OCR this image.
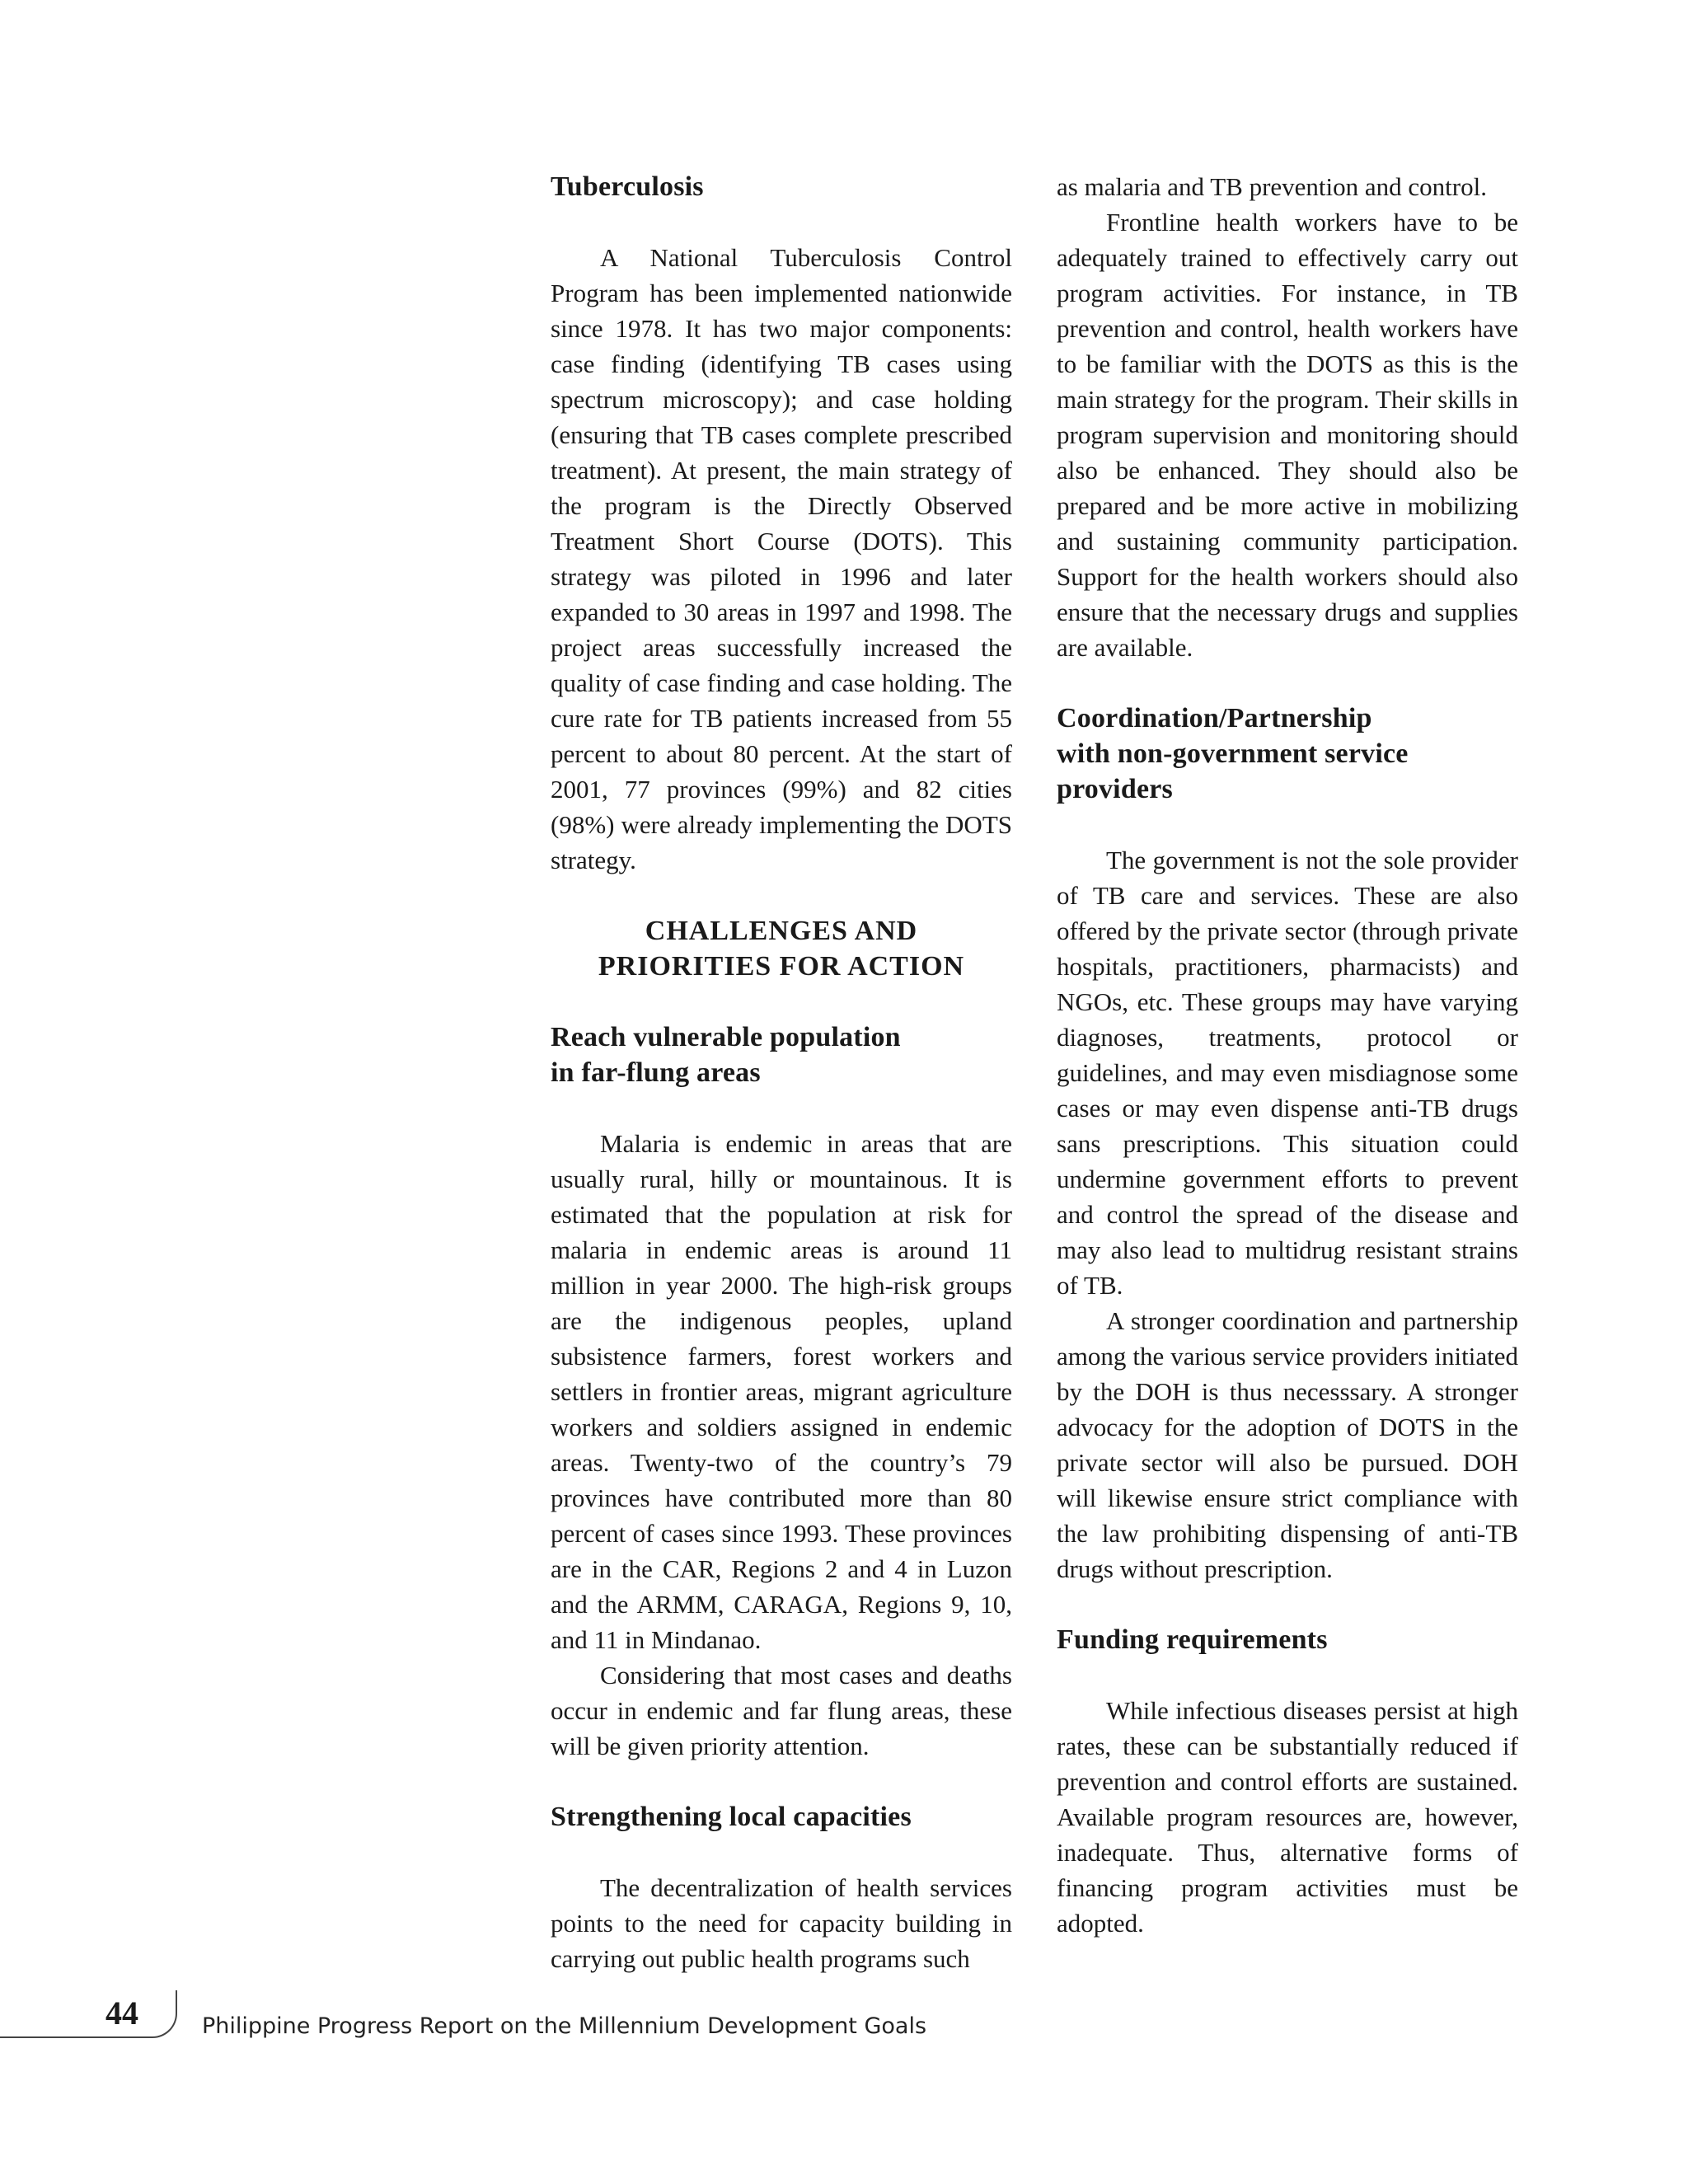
Tuberculosis

A National Tuberculosis Control Program has been implemented nationwide since 1978. It has two major components: case finding (identifying TB cases using spectrum microscopy); and case holding (ensuring that TB cases complete prescribed treatment). At present, the main strategy of the program is the Directly Observed Treatment Short Course (DOTS). This strategy was piloted in 1996 and later expanded to 30 areas in 1997 and 1998. The project areas successfully increased the quality of case finding and case holding. The cure rate for TB patients increased from 55 percent to about 80 percent. At the start of 2001, 77 provinces (99%) and 82 cities (98%) were already implementing the DOTS strategy.

CHALLENGES AND
PRIORITIES FOR ACTION
Reach vulnerable population
in far-flung areas

Malaria is endemic in areas that are usually rural, hilly or mountainous. It is estimated that the population at risk for malaria in endemic areas is around 11 million in year 2000. The high-risk groups are the indigenous peoples, upland subsistence farmers, forest workers and settlers in frontier areas, migrant agriculture workers and soldiers assigned in endemic areas. Twenty-two of the country’s 79 provinces have contributed more than 80 percent of cases since 1993. These provinces are in the CAR, Regions 2 and 4 in Luzon and the ARMM, CARAGA, Regions 9, 10, and 11 in Mindanao.

Considering that most cases and deaths occur in endemic and far flung areas, these will be given priority attention.

Strengthening local capacities

The decentralization of health services points to the need for capacity building in carrying out public health programs such

as malaria and TB prevention and control.

Frontline health workers have to be adequately trained to effectively carry out program activities. For instance, in TB prevention and control, health workers have to be familiar with the DOTS as this is the main strategy for the program. Their skills in program supervision and monitoring should also be enhanced. They should also be prepared and be more active in mobilizing and sustaining community participation. Support for the health workers should also ensure that the necessary drugs and supplies are available.

Coordination/Partnership
with non-government service
providers

The government is not the sole provider of TB care and services. These are also offered by the private sector (through private hospitals, practitioners, pharmacists) and NGOs, etc. These groups may have varying diagnoses, treatments, protocol or guidelines, and may even misdiagnose some cases or may even dispense anti-TB drugs sans prescriptions. This situation could undermine government efforts to prevent and control the spread of the disease and may also lead to multidrug resistant strains of TB.

A stronger coordination and partnership among the various service providers initiated by the DOH is thus necesssary. A stronger advocacy for the adoption of DOTS in the private sector will also be pursued. DOH will likewise ensure strict compliance with the law prohibiting dispensing of anti-TB drugs without prescription.

Funding requirements

While infectious diseases persist at high rates, these can be substantially reduced if prevention and control efforts are sustained. Available program resources are, however, inadequate. Thus, alternative forms of financing program activities must be adopted.

44	Philippine Progress Report on the Millennium Development Goals
